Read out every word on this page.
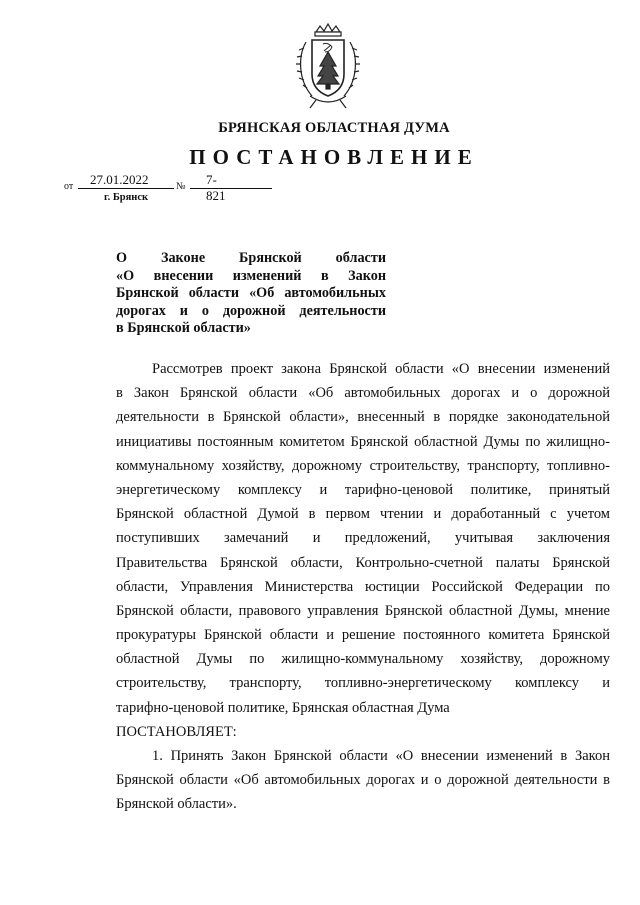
БРЯНСКАЯ ОБЛАСТНАЯ ДУМА
ПОСТАНОВЛЕНИЕ
от 27.01.2022	№ 7-821
г. Брянск
О Законе Брянской области
«О внесении изменений в Закон
Брянской области «Об автомобильных
дорогах и о дорожной деятельности
в Брянской области»
Рассмотрев проект закона Брянской области «О внесении изменений
в Закон Брянской области «Об автомобильных дорогах и о дорожной
деятельности в Брянской области», внесенный в порядке законодательной
инициативы постоянным комитетом Брянской областной Думы по жилищно-
коммунальному хозяйству, дорожному строительству, транспорту, топливно-
энергетическому комплексу и тарифно-ценовой политике, принятый
Брянской областной Думой в первом чтении и доработанный с учетом
поступивших замечаний и предложений, учитывая заключения
Правительства Брянской области, Контрольно-счетной палаты Брянской
области, Управления Министерства юстиции Российской Федерации по
Брянской области, правового управления Брянской областной Думы, мнение
прокуратуры Брянской области и решение постоянного комитета Брянской
областной Думы по жилищно-коммунальному хозяйству, дорожному
строительству, транспорту, топливно-энергетическому комплексу и
тарифно-ценовой политике, Брянская областная Дума
ПОСТАНОВЛЯЕТ:
1. Принять Закон Брянской области «О внесении изменений в Закон
Брянской области «Об автомобильных дорогах и о дорожной деятельности в
Брянской области».
